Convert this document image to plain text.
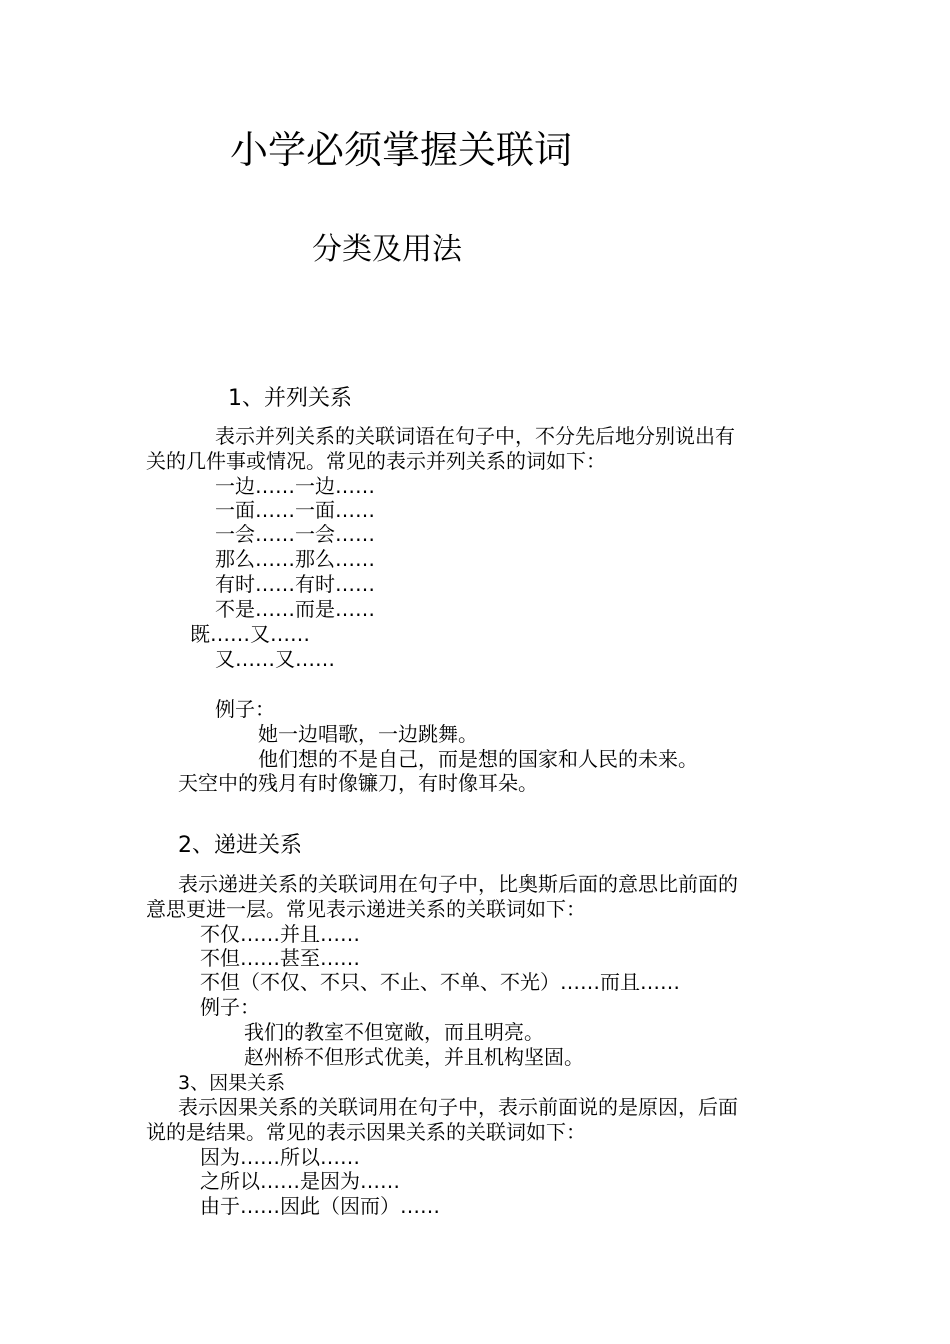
小学必须掌握关联词
分类及用法
1、并列关系
表示并列关系的关联词语在句子中，不分先后地分别说出有
关的几件事或情况。常见的表示并列关系的词如下：
一边……一边……
一面……一面……
一会……一会……
那么……那么……
有时……有时……
不是……而是……
既……又……
又……又……
例子：
她一边唱歌，一边跳舞。
他们想的不是自己，而是想的国家和人民的未来。
天空中的残月有时像镰刀，有时像耳朵。
2、递进关系
表示递进关系的关联词用在句子中，比奥斯后面的意思比前面的
意思更进一层。常见表示递进关系的关联词如下：
不仅……并且……
不但……甚至……
不但（不仅、不只、不止、不单、不光）……而且……
例子：
我们的教室不但宽敞，而且明亮。
赵州桥不但形式优美，并且机构坚固。
3、因果关系
表示因果关系的关联词用在句子中，表示前面说的是原因，后面
说的是结果。常见的表示因果关系的关联词如下：
因为……所以……
之所以……是因为……
由于……因此（因而）……
